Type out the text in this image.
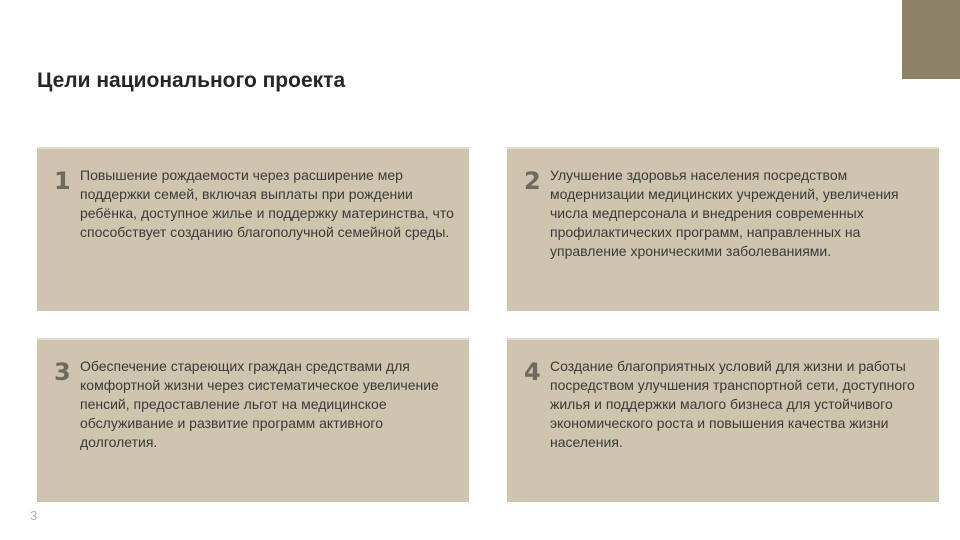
Цели национального проекта
1 Повышение рождаемости через расширение мер поддержки семей, включая выплаты при рождении ребёнка, доступное жилье и поддержку материнства, что способствует созданию благополучной семейной среды.
2 Улучшение здоровья населения посредством модернизации медицинских учреждений, увеличения числа медперсонала и внедрения современных профилактических программ, направленных на управление хроническими заболеваниями.
3 Обеспечение стареющих граждан средствами для комфортной жизни через систематическое увеличение пенсий, предоставление льгот на медицинское обслуживание и развитие программ активного долголетия.
4 Создание благоприятных условий для жизни и работы посредством улучшения транспортной сети, доступного жилья и поддержки малого бизнеса для устойчивого экономического роста и повышения качества жизни населения.
3
